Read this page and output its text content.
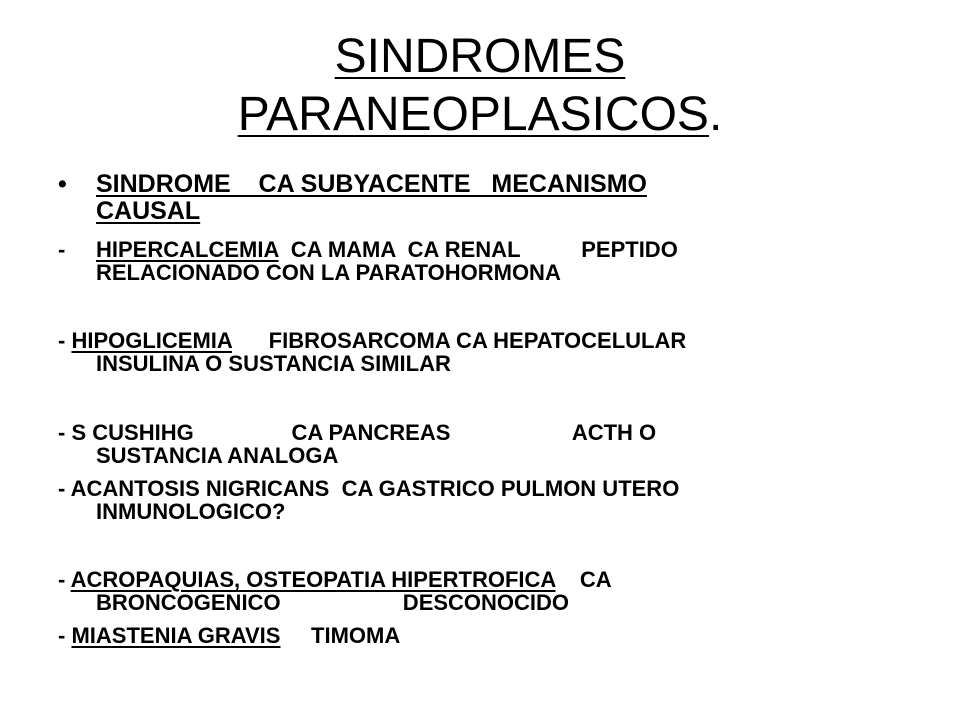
SINDROMES
PARANEOPLASICOS.

•

SINDROME    CA SUBYACENTE   MECANISMO
CAUSAL

-

HIPERCALCEMIA  CA MAMA  CA RENAL          PEPTIDO

RELACIONADO CON LA PARATOHORMONA

- HIPOGLICEMIA      FIBROSARCOMA CA HEPATOCELULAR

INSULINA O SUSTANCIA SIMILAR

- S CUSHIHG                CA PANCREAS                    ACTH O

SUSTANCIA ANALOGA

- ACANTOSIS NIGRICANS  CA GASTRICO PULMON UTERO

INMUNOLOGICO?

- ACROPAQUIAS, OSTEOPATIA HIPERTROFICA    CA

BRONCOGENICO                    DESCONOCIDO

- MIASTENIA GRAVIS     TIMOMA
